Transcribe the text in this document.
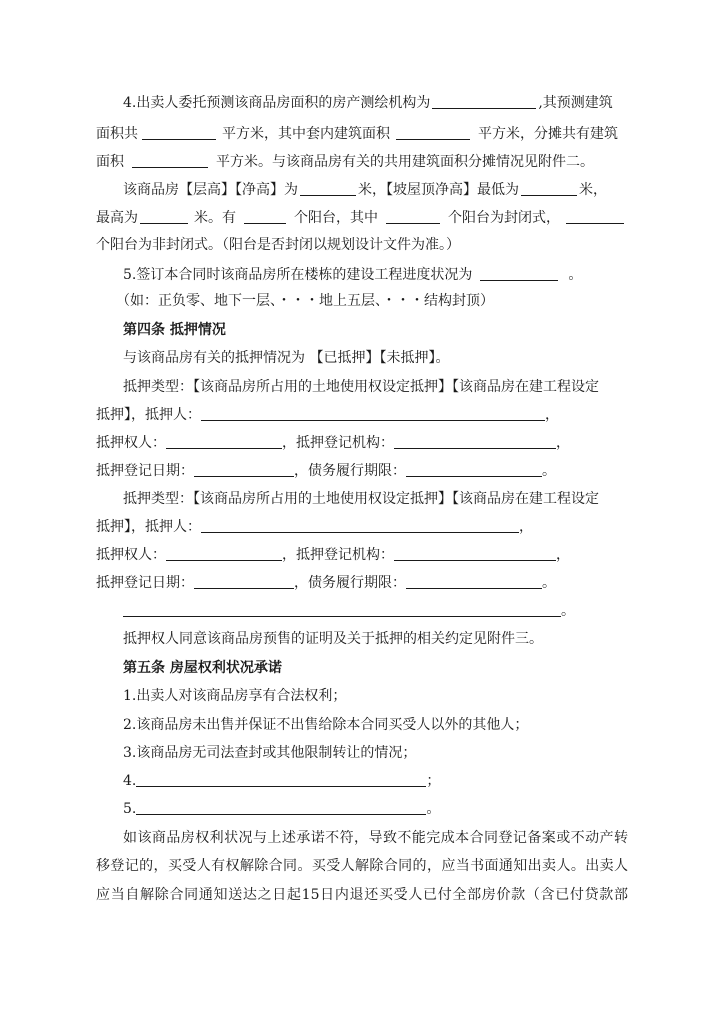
4.出卖人委托预测该商品房面积的房产测绘机构为	,其预测建筑
面积共	平方米，其中套内建筑面积	平方米，分摊共有建筑
面积	平方米。与该商品房有关的共用建筑面积分摊情况见附件二。
该商品房【层高】【净高】为	米，【坡屋顶净高】最低为	米，
最高为	米。有	个阳台，其中	个阳台为封闭式，
个阳台为非封闭式。（阳台是否封闭以规划设计文件为准。）
5.签订本合同时该商品房所在楼栋的建设工程进度状况为	。
（如：正负零、地下一层、・・・地上五层、・・・结构封顶）
第四条 抵押情况
与该商品房有关的抵押情况为 【已抵押】【未抵押】。
抵押类型：【该商品房所占用的土地使用权设定抵押】【该商品房在建工程设定
抵押】，抵押人：	，
抵押权人：	，抵押登记机构：	，
抵押登记日期：	，债务履行期限：	。
抵押类型：【该商品房所占用的土地使用权设定抵押】【该商品房在建工程设定
抵押】，抵押人：	，
抵押权人：	，抵押登记机构：	，
抵押登记日期：	，债务履行期限：	。
。
抵押权人同意该商品房预售的证明及关于抵押的相关约定见附件三。
第五条 房屋权利状况承诺
1.出卖人对该商品房享有合法权利；
2.该商品房未出售并保证不出售给除本合同买受人以外的其他人；
3.该商品房无司法查封或其他限制转让的情况；
4.	；
5.	。
如该商品房权利状况与上述承诺不符，导致不能完成本合同登记备案或不动产转
移登记的，买受人有权解除合同。买受人解除合同的，应当书面通知出卖人。出卖人
应当自解除合同通知送达之日起15日内退还买受人已付全部房价款（含已付贷款部
